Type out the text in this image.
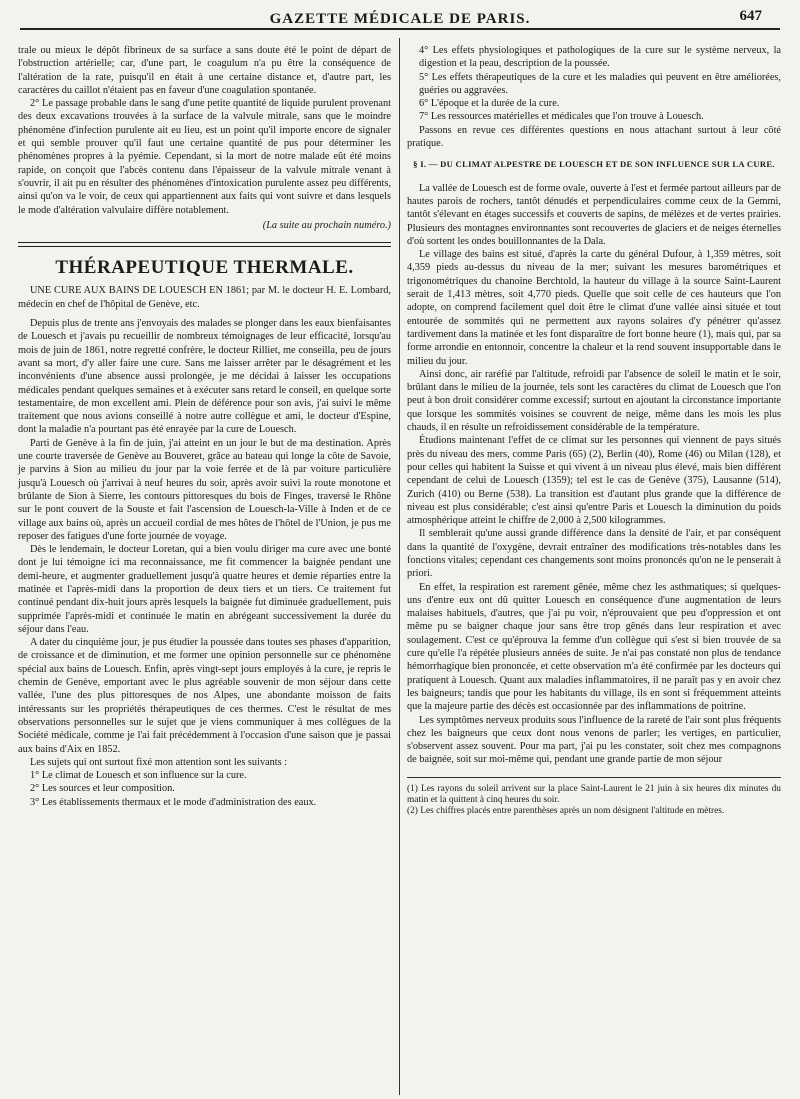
GAZETTE MÉDICALE DE PARIS.	647

trale ou mieux le dépôt fibrineux de sa surface a sans doute été le point de départ de l'obstruction artérielle; car, d'une part, le coagulum n'a pu être la conséquence de l'altération de la rate, puisqu'il en était à une certaine distance et, d'autre part, les caractères du caillot n'étaient pas en faveur d'une coagulation spontanée.

2° Le passage probable dans le sang d'une petite quantité de liquide purulent provenant des deux excavations trouvées à la surface de la valvule mitrale, sans que le moindre phénomène d'infection purulente ait eu lieu, est un point qu'il importe encore de signaler et qui semble prouver qu'il faut une certaine quantité de pus pour déterminer les phénomènes propres à la pyémie. Cependant, si la mort de notre malade eût été moins rapide, on conçoit que l'abcès contenu dans l'épaisseur de la valvule mitrale venant à s'ouvrir, il ait pu en résulter des phénomènes d'intoxication purulente assez peu différents, ainsi qu'on va le voir, de ceux qui appartiennent aux faits qui vont suivre et dans lesquels le mode d'altération valvulaire diffère notablement.

(La suite au prochain numéro.)
THÉRAPEUTIQUE THERMALE.

UNE CURE AUX BAINS DE LOUESCH EN 1861; par M. le docteur H. E. Lombard, médecin en chef de l'hôpital de Genève, etc.

Depuis plus de trente ans j'envoyais des malades se plonger dans les eaux bienfaisantes de Louesch et j'avais pu recueillir de nombreux témoignages de leur efficacité, lorsqu'au mois de juin de 1861, notre regretté confrère, le docteur Rilliet, me conseilla, peu de jours avant sa mort, d'y aller faire une cure. Sans me laisser arrêter par le désagrément et les inconvénients d'une absence aussi prolongée, je me décidai à laisser les occupations médicales pendant quelques semaines et à exécuter sans retard le conseil, en quelque sorte testamentaire, de mon excellent ami. Plein de déférence pour son avis, j'ai suivi le même traitement que nous avions conseillé à notre autre collègue et ami, le docteur d'Espine, dont la maladie n'a pourtant pas été enrayée par la cure de Louesch.

Parti de Genève à la fin de juin, j'ai atteint en un jour le but de ma destination. Après une courte traversée de Genève au Bouveret, grâce au bateau qui longe la côte de Savoie, je parvins à Sion au milieu du jour par la voie ferrée et de là par voiture particulière jusqu'à Louesch où j'arrivai à neuf heures du soir, après avoir suivi la route monotone et brûlante de Sion à Sierre, les contours pittoresques du bois de Finges, traversé le Rhône sur le pont couvert de la Souste et fait l'ascension de Louesch-la-Ville à Inden et de ce village aux bains où, après un accueil cordial de mes hôtes de l'hôtel de l'Union, je pus me reposer des fatigues d'une forte journée de voyage.

Dès le lendemain, le docteur Loretan, qui a bien voulu diriger ma cure avec une bonté dont je lui témoigne ici ma reconnaissance, me fit commencer la baignée pendant une demi-heure, et augmenter graduellement jusqu'à quatre heures et demie réparties entre la matinée et l'après-midi dans la proportion de deux tiers et un tiers. Ce traitement fut continué pendant dix-huit jours après lesquels la baignée fut diminuée graduellement, puis supprimée l'après-midi et continuée le matin en abrégeant successivement la durée du séjour dans l'eau.

A dater du cinquième jour, je pus étudier la poussée dans toutes ses phases d'apparition, de croissance et de diminution, et me former une opinion personnelle sur ce phénomène spécial aux bains de Louesch. Enfin, après vingt-sept jours employés à la cure, je repris le chemin de Genève, emportant avec le plus agréable souvenir de mon séjour dans cette vallée, l'une des plus pittoresques de nos Alpes, une abondante moisson de faits intéressants sur les propriétés thérapeutiques de ces thermes. C'est le résultat de mes observations personnelles sur le sujet que je viens communiquer à mes collègues de la Société médicale, comme je l'ai fait précédemment à l'occasion d'une saison que je passai aux bains d'Aix en 1852.

Les sujets qui ont surtout fixé mon attention sont les suivants :

1° Le climat de Louesch et son influence sur la cure.

2° Les sources et leur composition.

3° Les établissements thermaux et le mode d'administration des eaux.

4° Les effets physiologiques et pathologiques de la cure sur le système nerveux, la digestion et la peau, description de la poussée.

5° Les effets thérapeutiques de la cure et les maladies qui peuvent en être améliorées, guéries ou aggravées.

6° L'époque et la durée de la cure.

7° Les ressources matérielles et médicales que l'on trouve à Louesch.

Passons en revue ces différentes questions en nous attachant surtout à leur côté pratique.

§ I. — DU CLIMAT ALPESTRE DE LOUESCH ET DE SON INFLUENCE SUR LA CURE.

La vallée de Louesch est de forme ovale, ouverte à l'est et fermée partout ailleurs par de hautes parois de rochers, tantôt dénudés et perpendiculaires comme ceux de la Gemmi, tantôt s'élevant en étages successifs et couverts de sapins, de mélèzes et de vertes prairies. Plusieurs des montagnes environnantes sont recouvertes de glaciers et de neiges éternelles d'où sortent les ondes bouillonnantes de la Dala.

Le village des bains est situé, d'après la carte du général Dufour, à 1,359 mètres, soit 4,359 pieds au-dessus du niveau de la mer; suivant les mesures barométriques et trigonométriques du chanoine Berchtold, la hauteur du village à la source Saint-Laurent serait de 1,413 mètres, soit 4,770 pieds. Quelle que soit celle de ces hauteurs que l'on adopte, on comprend facilement quel doit être le climat d'une vallée ainsi située et tout entourée de sommités qui ne permettent aux rayons solaires d'y pénétrer qu'assez tardivement dans la matinée et les font disparaître de fort bonne heure (1), mais qui, par sa forme arrondie en entonnoir, concentre la chaleur et la rend souvent insupportable dans le milieu du jour.

Ainsi donc, air raréfié par l'altitude, refroidi par l'absence de soleil le matin et le soir, brûlant dans le milieu de la journée, tels sont les caractères du climat de Louesch que l'on peut à bon droit considérer comme excessif; surtout en ajoutant la circonstance importante que lorsque les sommités voisines se couvrent de neige, même dans les mois les plus chauds, il en résulte un refroidissement considérable de la température.

Étudions maintenant l'effet de ce climat sur les personnes qui viennent de pays situés près du niveau des mers, comme Paris (65) (2), Berlin (40), Rome (46) ou Milan (128), et pour celles qui habitent la Suisse et qui vivent à un niveau plus élevé, mais bien différent cependant de celui de Louesch (1359); tel est le cas de Genève (375), Lausanne (514), Zurich (410) ou Berne (538). La transition est d'autant plus grande que la différence de niveau est plus considérable; c'est ainsi qu'entre Paris et Louesch la diminution du poids atmosphérique atteint le chiffre de 2,000 à 2,500 kilogrammes.

Il semblerait qu'une aussi grande différence dans la densité de l'air, et par conséquent dans la quantité de l'oxygène, devrait entraîner des modifications très-notables dans les fonctions vitales; cependant ces changements sont moins prononcés qu'on ne le penserait à priori.

En effet, la respiration est rarement gênée, même chez les asthmatiques; si quelques-uns d'entre eux ont dû quitter Louesch en conséquence d'une augmentation de leurs malaises habituels, d'autres, que j'ai pu voir, n'éprouvaient que peu d'oppression et ont même pu se baigner chaque jour sans être trop gênés dans leur respiration et avec soulagement. C'est ce qu'éprouva la femme d'un collègue qui s'est si bien trouvée de sa cure qu'elle l'a répétée plusieurs années de suite. Je n'ai pas constaté non plus de tendance hémorrhagique bien prononcée, et cette observation m'a été confirmée par les docteurs qui pratiquent à Louesch. Quant aux maladies inflammatoires, il ne paraît pas y en avoir chez les baigneurs; tandis que pour les habitants du village, ils en sont si fréquemment atteints que la majeure partie des décès est occasionnée par des inflammations de poitrine.

Les symptômes nerveux produits sous l'influence de la rareté de l'air sont plus fréquents chez les baigneurs que ceux dont nous venons de parler; les vertiges, en particulier, s'observent assez souvent. Pour ma part, j'ai pu les constater, soit chez mes compagnons de baignée, soit sur moi-même qui, pendant une grande partie de mon séjour

(1) Les rayons du soleil arrivent sur la place Saint-Laurent le 21 juin à six heures dix minutes du matin et la quittent à cinq heures du soir.

(2) Les chiffres placés entre parenthèses après un nom désignent l'altitude en mètres.
